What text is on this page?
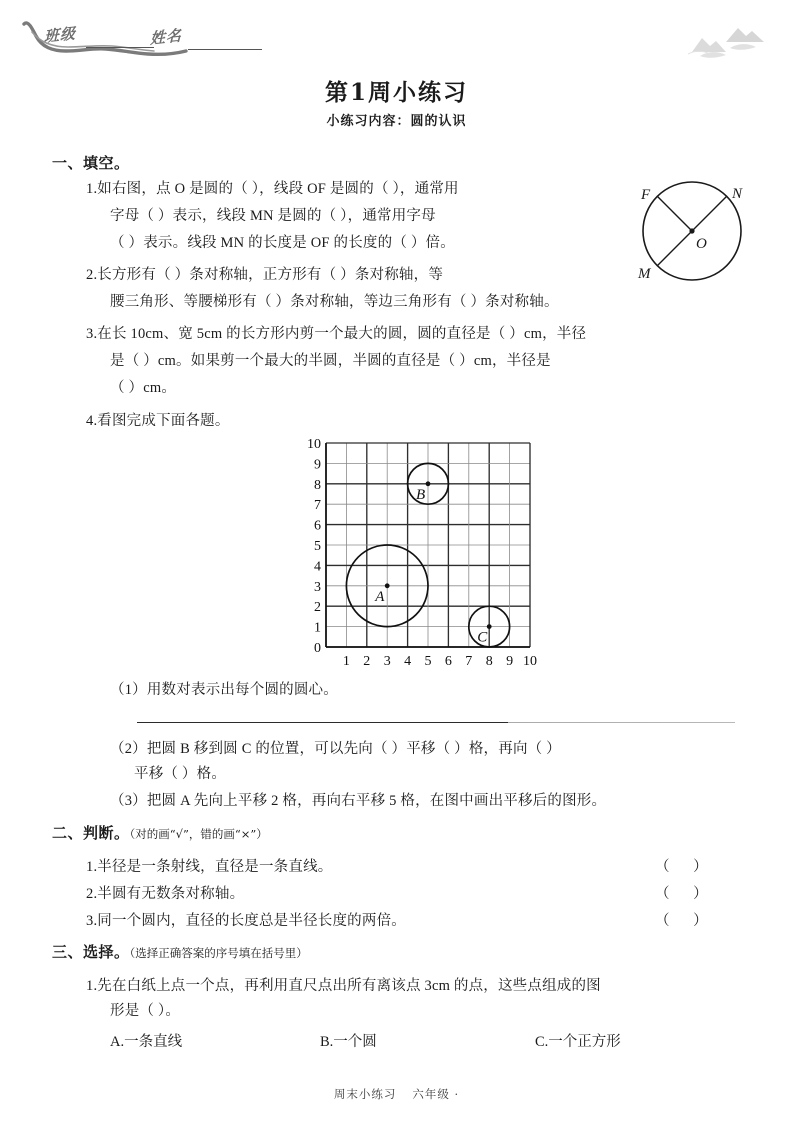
班级	姓名
第1周小练习
小练习内容：圆的认识
一、填空。
1.如右图，点 O 是圆的（ ），线段 OF 是圆的（ ），通常用
字母（ ）表示，线段 MN 是圆的（ ），通常用字母
（ ）表示。线段 MN 的长度是 OF 的长度的（ ）倍。
2.长方形有（ ）条对称轴，正方形有（ ）条对称轴，等
腰三角形、等腰梯形有（ ）条对称轴，等边三角形有（ ）条对称轴。
3.在长 10cm、宽 5cm 的长方形内剪一个最大的圆，圆的直径是（ ）cm，半径
是（ ）cm。如果剪一个最大的半圆，半圆的直径是（ ）cm，半径是
（ ）cm。
4.看图完成下面各题。
F	N
M
O
0
1
2
3
4
5
6
7
8
9
10
1 2 3 4 5 6 7 8 9 10
A
B
C
（1）用数对表示出每个圆的圆心。
（2）把圆 B 移到圆 C 的位置，可以先向（ ）平移（ ）格，再向（ ）
平移（ ）格。
（3）把圆 A 先向上平移 2 格，再向右平移 5 格，在图中画出平移后的图形。
二、判断。（对的画“√”，错的画“×”）
1.半径是一条射线，直径是一条直线。	（ ）
2.半圆有无数条对称轴。	（ ）
3.同一个圆内，直径的长度总是半径长度的两倍。	（ ）
三、选择。（选择正确答案的序号填在括号里）
1.先在白纸上点一个点，再利用直尺点出所有离该点 3cm 的点，这些点组成的图
形是（ ）。
A.一条直线	B.一个圆	C.一个正方形
周末小练习 六年级 ·
